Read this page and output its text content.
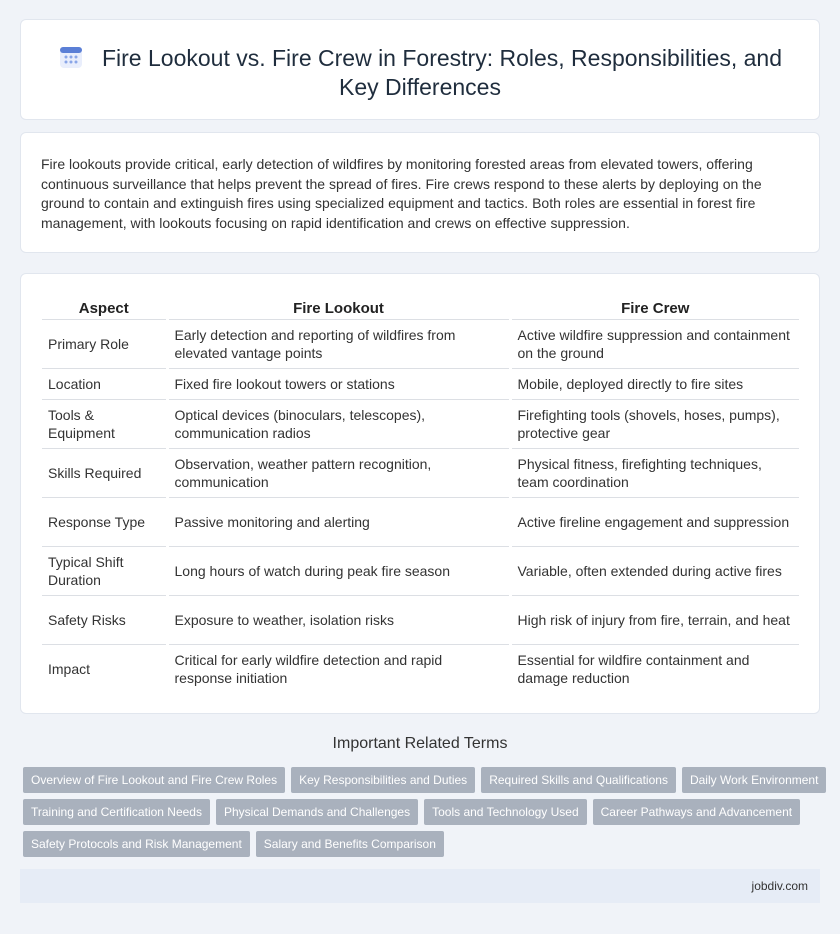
Fire Lookout vs. Fire Crew in Forestry: Roles, Responsibilities, and Key Differences

Fire lookouts provide critical, early detection of wildfires by monitoring forested areas from elevated towers, offering continuous surveillance that helps prevent the spread of fires. Fire crews respond to these alerts by deploying on the ground to contain and extinguish fires using specialized equipment and tactics. Both roles are essential in forest fire management, with lookouts focusing on rapid identification and crews on effective suppression.

Aspect	Fire Lookout	Fire Crew
Primary Role	Early detection and reporting of wildfires from elevated vantage points	Active wildfire suppression and containment on the ground
Location	Fixed fire lookout towers or stations	Mobile, deployed directly to fire sites
Tools & Equipment	Optical devices (binoculars, telescopes), communication radios	Firefighting tools (shovels, hoses, pumps), protective gear
Skills Required	Observation, weather pattern recognition, communication	Physical fitness, firefighting techniques, team coordination
Response Type	Passive monitoring and alerting	Active fireline engagement and suppression
Typical Shift Duration	Long hours of watch during peak fire season	Variable, often extended during active fires
Safety Risks	Exposure to weather, isolation risks	High risk of injury from fire, terrain, and heat
Impact	Critical for early wildfire detection and rapid response initiation	Essential for wildfire containment and damage reduction
Important Related Terms
Overview of Fire Lookout and Fire Crew Roles Key Responsibilities and Duties Required Skills and Qualifications Daily Work Environment
Training and Certification Needs Physical Demands and Challenges Tools and Technology Used Career Pathways and Advancement
Safety Protocols and Risk Management Salary and Benefits Comparison
jobdiv.com
